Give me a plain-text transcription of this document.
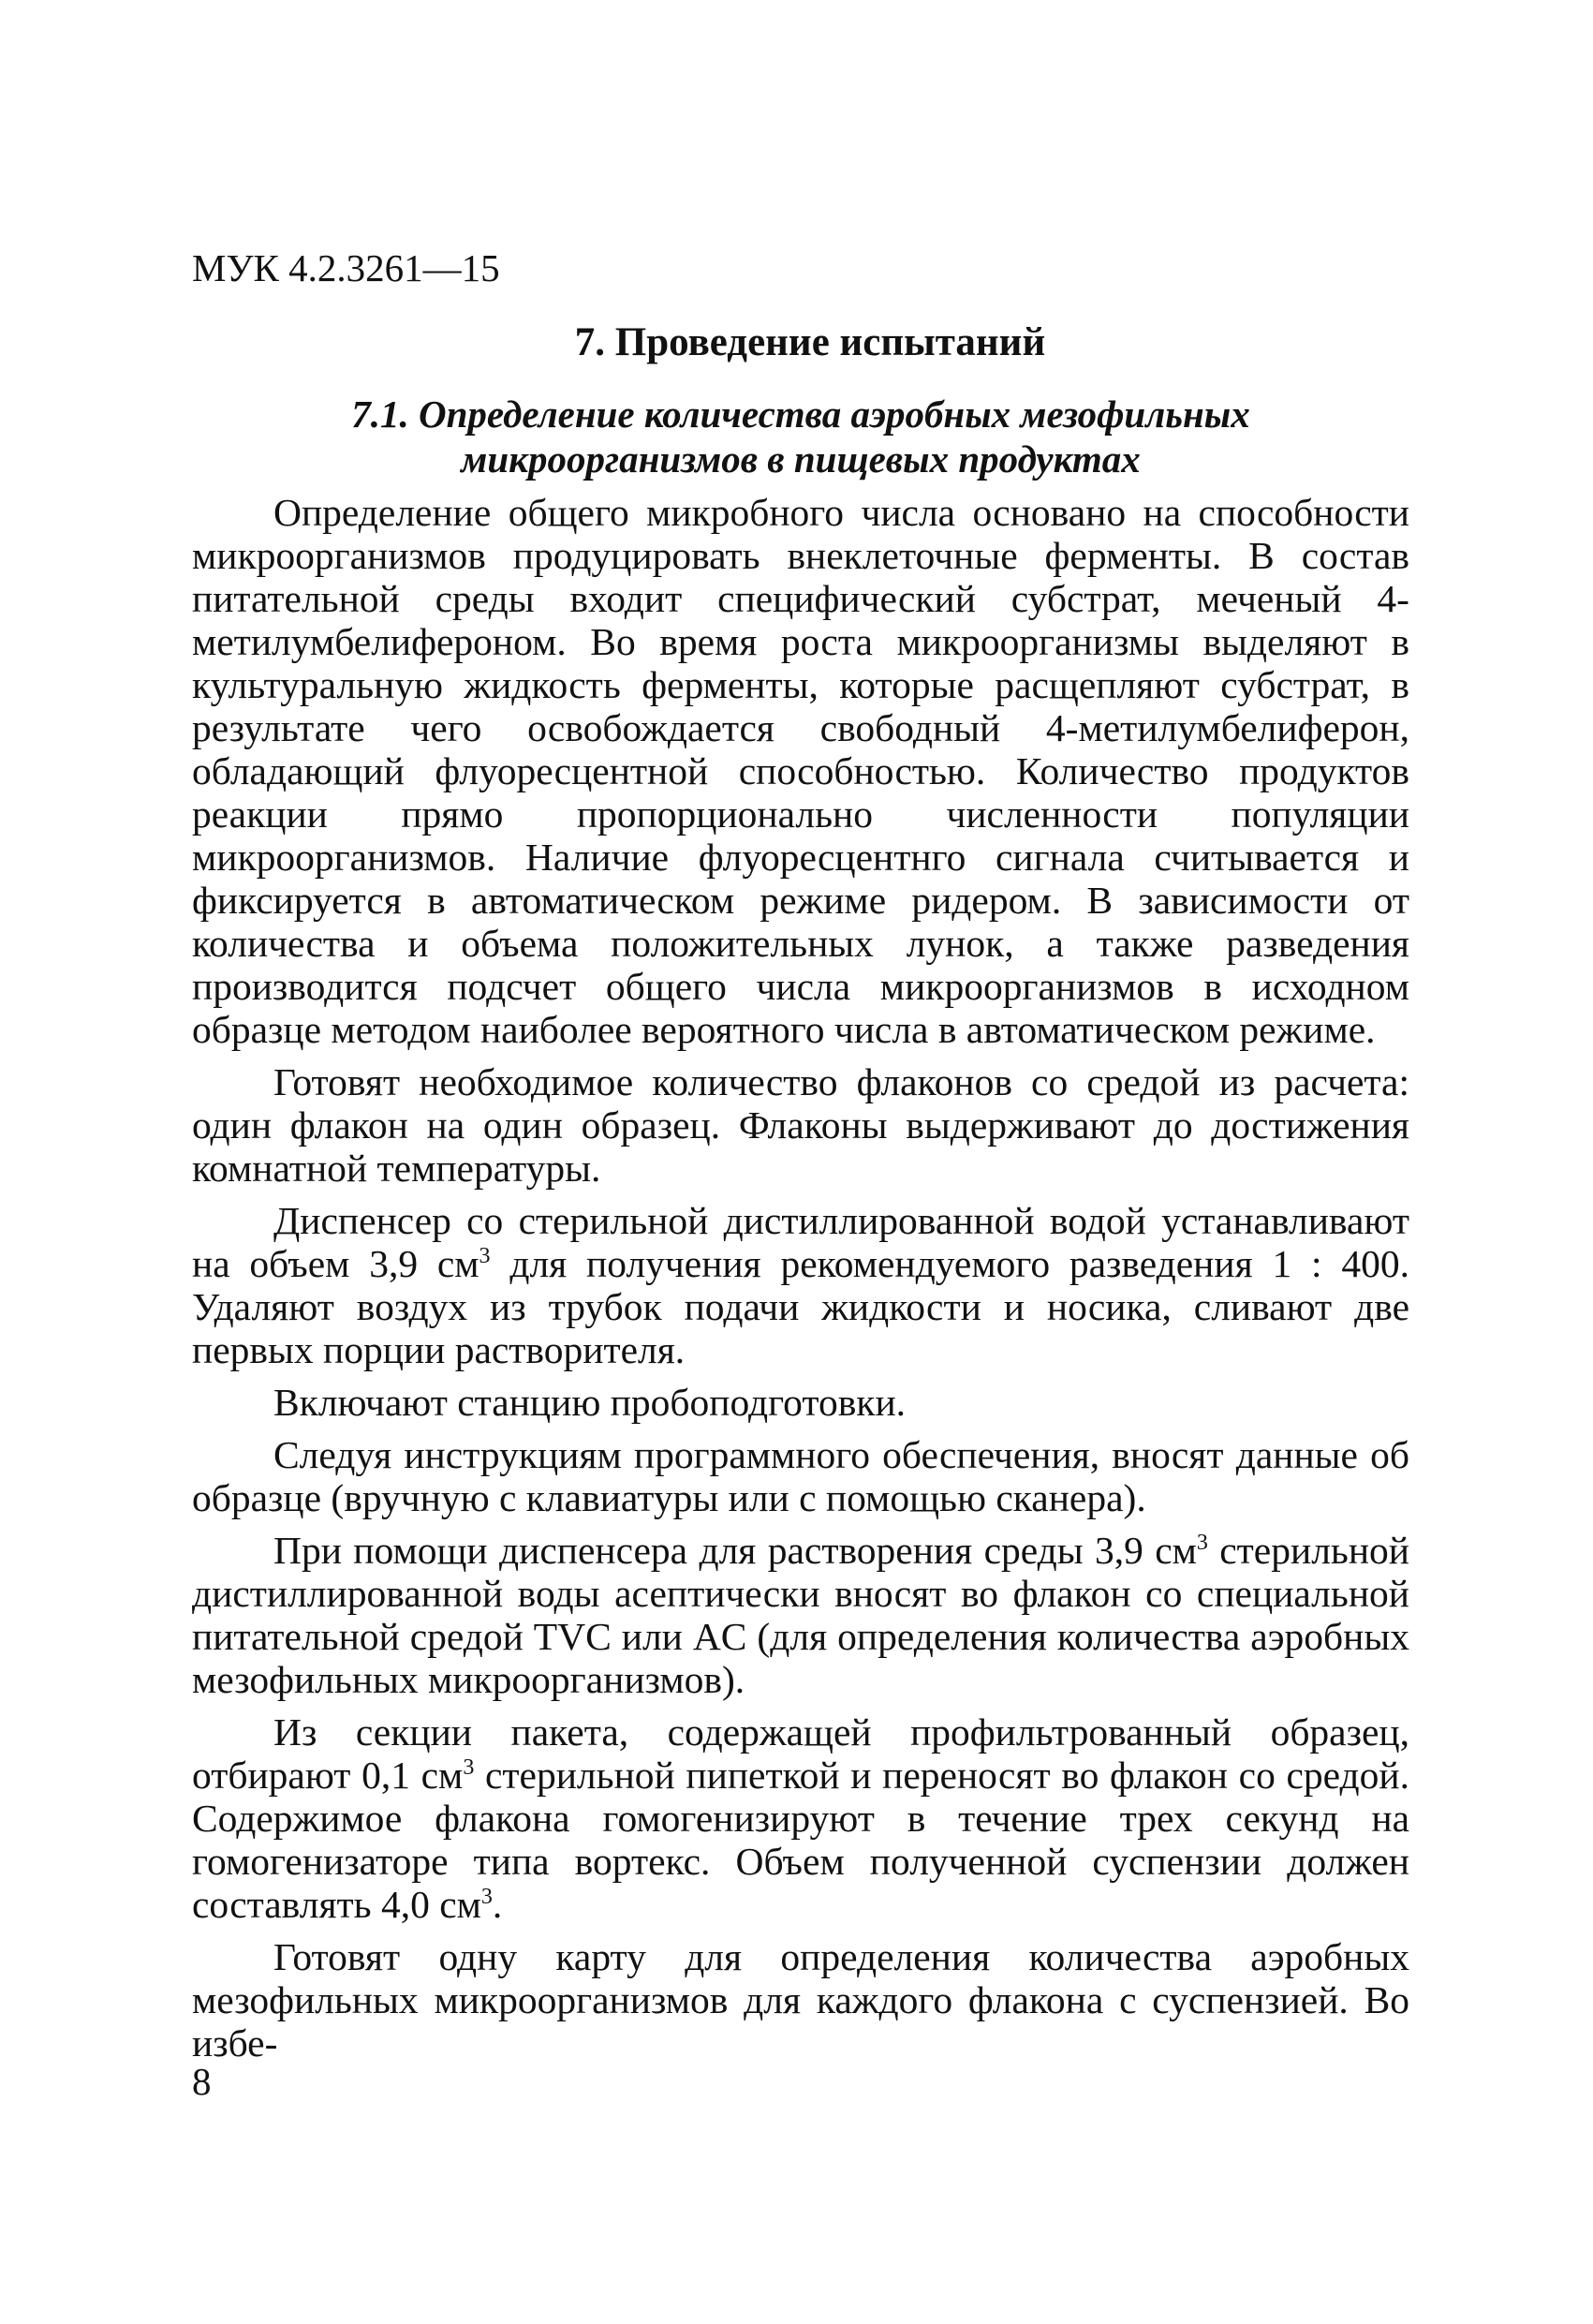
МУК 4.2.3261—15
7. Проведение испытаний
7.1. Определение количества аэробных мезофильных
микроорганизмов в пищевых продуктах

Определение общего микробного числа основано на способности микроорганизмов продуцировать внеклеточные ферменты. В состав питательной среды входит специфический субстрат, меченый 4-метилумбелифероном. Во время роста микроорганизмы выделяют в культуральную жидкость ферменты, которые расщепляют субстрат, в результате чего освобождается свободный 4-метилумбелиферон, обладающий флуоресцентной способностью. Количество продуктов реакции прямо пропорционально численности популяции микроорганизмов. Наличие флуоресцентнго сигнала считывается и фиксируется в автоматическом режиме ридером. В зависимости от количества и объема положительных лунок, а также разведения производится подсчет общего числа микроорганизмов в исходном образце методом наиболее вероятного числа в автоматическом режиме.

Готовят необходимое количество флаконов со средой из расчета: один флакон на один образец. Флаконы выдерживают до достижения комнатной температуры.

Диспенсер со стерильной дистиллированной водой устанавливают на объем 3,9 $см^3$ для получения рекомендуемого разведения 1 : 400. Удаляют воздух из трубок подачи жидкости и носика, сливают две первых порции растворителя.

Включают станцию пробоподготовки.

Следуя инструкциям программного обеспечения, вносят данные об образце (вручную с клавиатуры или с помощью сканера).

При помощи диспенсера для растворения среды 3,9 $см^3$ стерильной дистиллированной воды асептически вносят во флакон со специальной питательной средой TVC или AC (для определения количества аэробных мезофильных микроорганизмов).

Из секции пакета, содержащей профильтрованный образец, отбирают 0,1 $см^3$ стерильной пипеткой и переносят во флакон со средой. Содержимое флакона гомогенизируют в течение трех секунд на гомогенизаторе типа вортекс. Объем полученной суспензии должен составлять 4,0 $см^3$.

Готовят одну карту для определения количества аэробных мезофильных микроорганизмов для каждого флакона с суспензией. Во избе-

8
